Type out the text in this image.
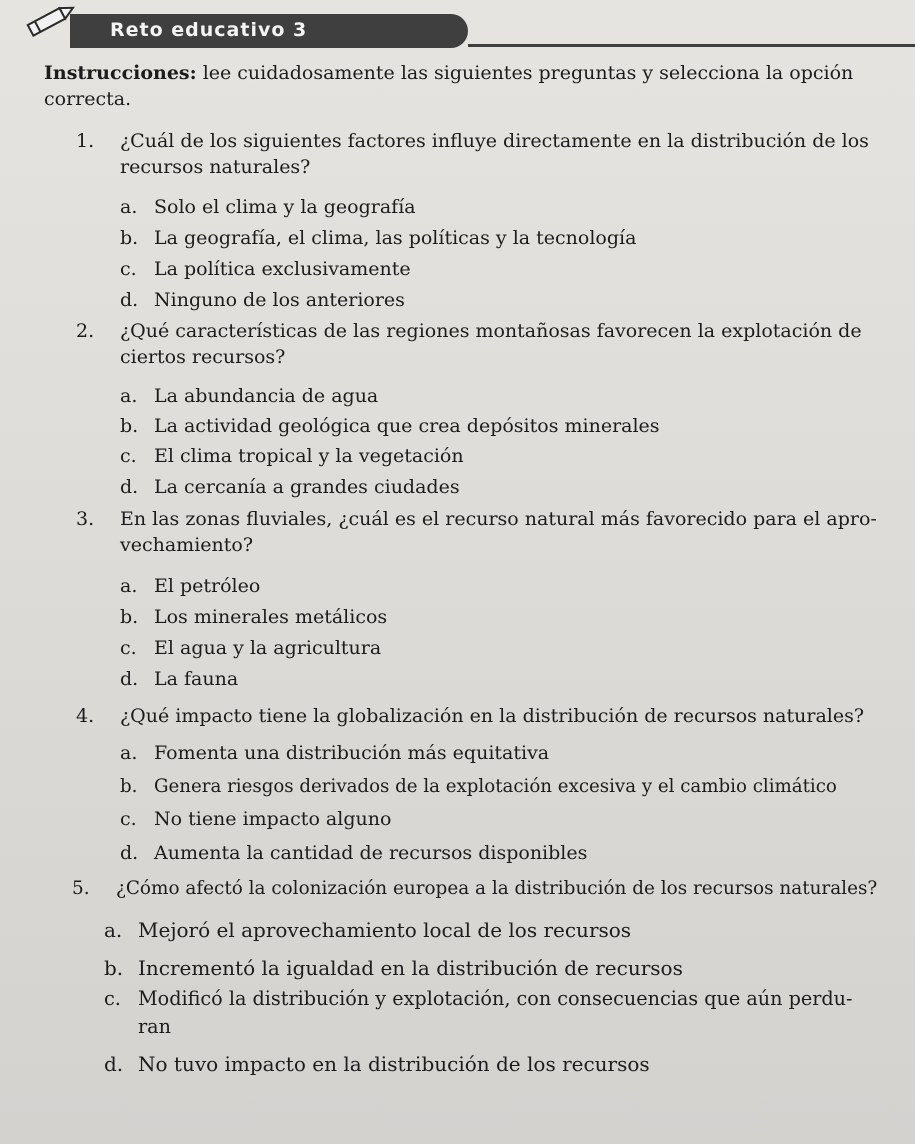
Reto educativo 3
Instrucciones: lee cuidadosamente las siguientes preguntas y selecciona la opción correcta.
1. ¿Cuál de los siguientes factores influye directamente en la distribución de los
recursos naturales?
a. Solo el clima y la geografía
b. La geografía, el clima, las políticas y la tecnología
c. La política exclusivamente
d. Ninguno de los anteriores
2. ¿Qué características de las regiones montañosas favorecen la explotación de
ciertos recursos?
a. La abundancia de agua
b. La actividad geológica que crea depósitos minerales
c. El clima tropical y la vegetación
d. La cercanía a grandes ciudades
3. En las zonas fluviales, ¿cuál es el recurso natural más favorecido para el apro-
vechamiento?
a. El petróleo
b. Los minerales metálicos
c. El agua y la agricultura
d. La fauna
4. ¿Qué impacto tiene la globalización en la distribución de recursos naturales?
a. Fomenta una distribución más equitativa
b. Genera riesgos derivados de la explotación excesiva y el cambio climático
c. No tiene impacto alguno
d. Aumenta la cantidad de recursos disponibles
5. ¿Cómo afectó la colonización europea a la distribución de los recursos naturales?
a. Mejoró el aprovechamiento local de los recursos
b. Incrementó la igualdad en la distribución de recursos
c. Modificó la distribución y explotación, con consecuencias que aún perdu-
ran
d. No tuvo impacto en la distribución de los recursos
